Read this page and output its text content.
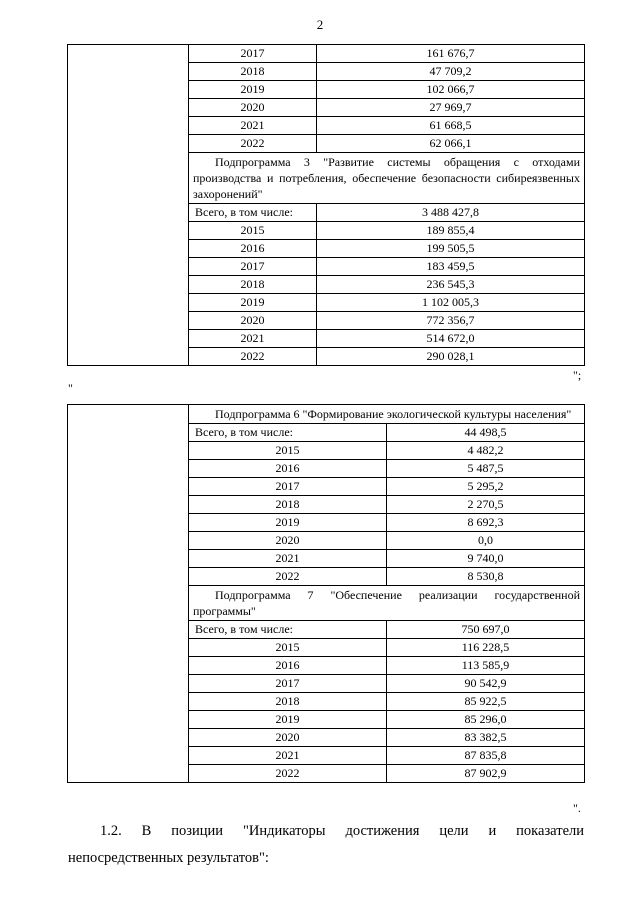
2
	2017	161 676,7
	2018	47 709,2
	2019	102 066,7
	2020	27 969,7
	2021	61 668,5
	2022	62 066,1
	Подпрограмма 3 "Развитие системы обращения с отходами производства и потребления, обеспечение безопасности сибиреязвенных захоронений"	
	Всего, в том числе:	3 488 427,8
	2015	189 855,4
	2016	199 505,5
	2017	183 459,5
	2018	236 545,3
	2019	1 102 005,3
	2020	772 356,7
	2021	514 672,0
	2022	290 028,1
";
"
	Подпрограмма 6 "Формирование экологической культуры населения"	
	Всего, в том числе:	44 498,5
	2015	4 482,2
	2016	5 487,5
	2017	5 295,2
	2018	2 270,5
	2019	8 692,3
	2020	0,0
	2021	9 740,0
	2022	8 530,8
	Подпрограмма 7 "Обеспечение реализации государственной программы"	
	Всего, в том числе:	750 697,0
	2015	116 228,5
	2016	113 585,9
	2017	90 542,9
	2018	85 922,5
	2019	85 296,0
	2020	83 382,5
	2021	87 835,8
	2022	87 902,9
".

1.2. В позиции "Индикаторы достижения цели и показатели непосредственных результатов":
